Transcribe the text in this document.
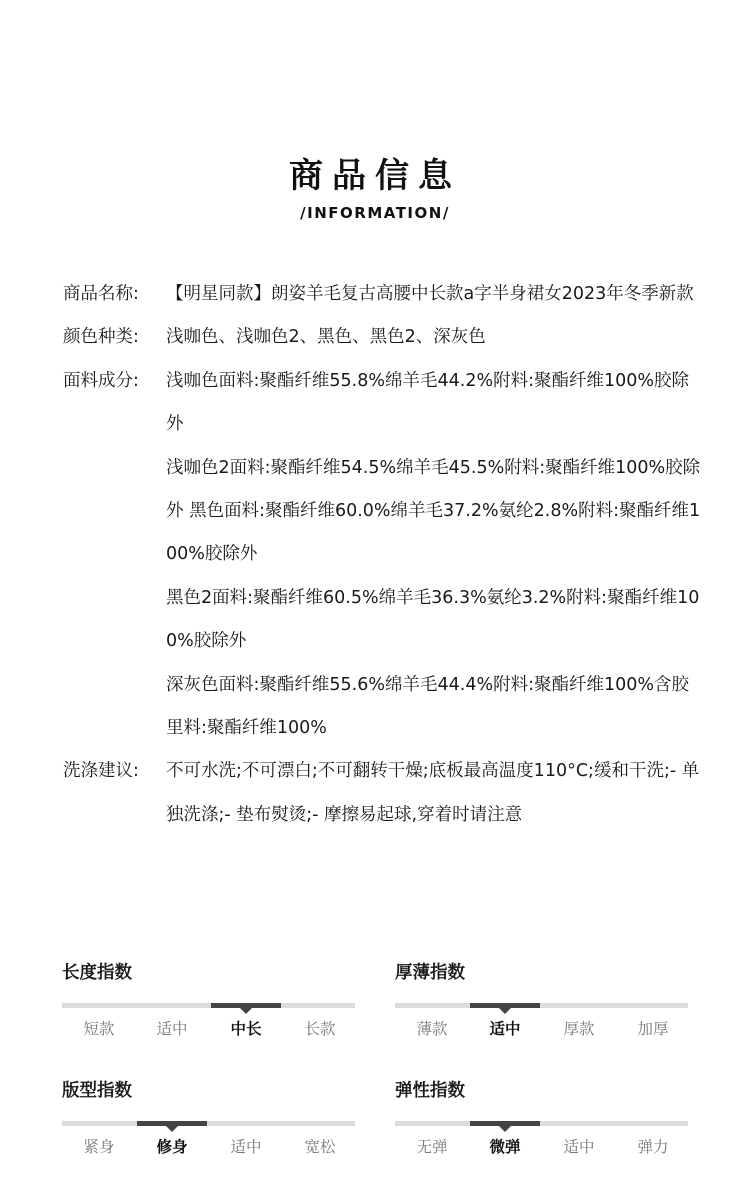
商品信息
/INFORMATION/
商品名称:	【明星同款】朗姿羊毛复古高腰中长款a字半身裙女2023年冬季新款
颜色种类:	浅咖色、浅咖色2、黑色、黑色2、深灰色
面料成分:	浅咖色面料:聚酯纤维55.8%绵羊毛44.2%附料:聚酯纤维100%胶除外
浅咖色2面料:聚酯纤维54.5%绵羊毛45.5%附料:聚酯纤维100%胶除外 黑色面料:聚酯纤维60.0%绵羊毛37.2%氨纶2.8%附料:聚酯纤维100%胶除外
黑色2面料:聚酯纤维60.5%绵羊毛36.3%氨纶3.2%附料:聚酯纤维100%胶除外
深灰色面料:聚酯纤维55.6%绵羊毛44.4%附料:聚酯纤维100%含胶里料:聚酯纤维100%
洗涤建议:	不可水洗;不可漂白;不可翻转干燥;底板最高温度110°C;缓和干洗;- 单独洗涤;- 垫布熨烫;- 摩擦易起球,穿着时请注意
长度指数
短款	适中	中长	长款
厚薄指数
薄款	适中	厚款	加厚
版型指数
紧身	修身	适中	宽松
弹性指数
无弹	微弹	适中	弹力
